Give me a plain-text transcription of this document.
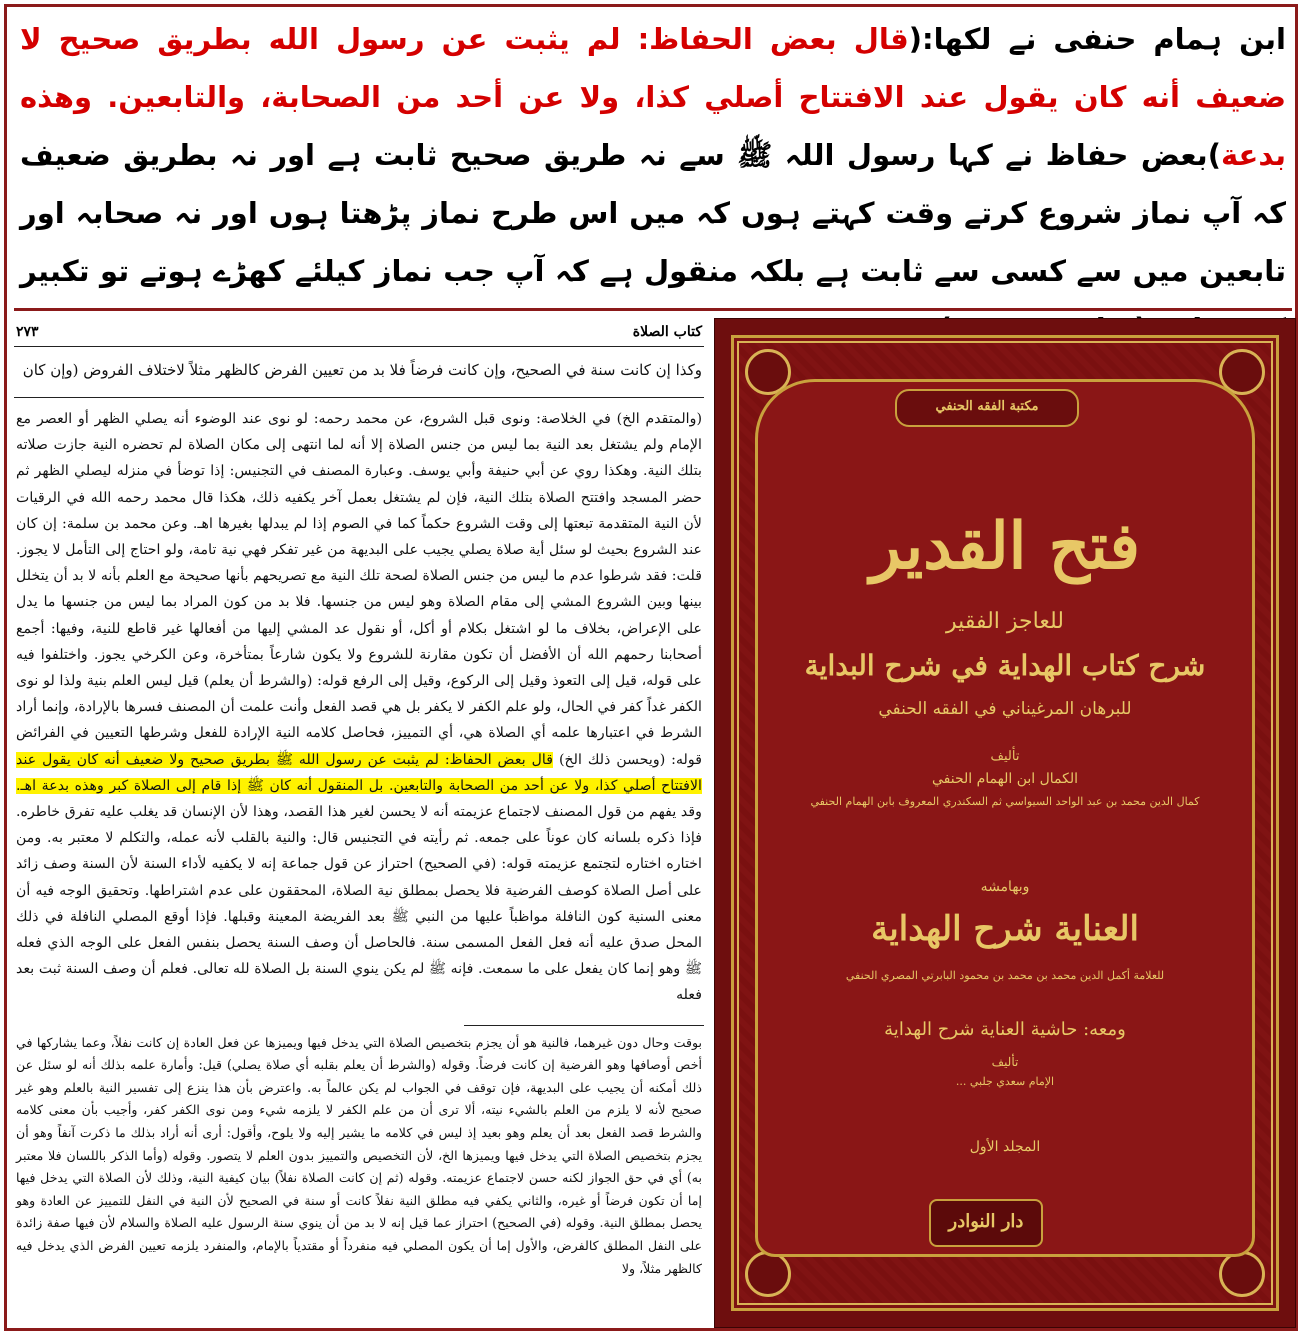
ابن ہمام حنفی نے لکھا:(قال بعض الحفاظ: لم يثبت عن رسول الله بطريق صحيح لا ضعيف أنه كان يقول عند الافتتاح أصلي كذا، ولا عن أحد من الصحابة، والتابعين. وهذه بدعة)بعض حفاظ نے کہا رسول اللہ ﷺ سے نہ طریق صحیح ثابت ہے اور نہ بطریق ضعیف کہ آپ نماز شروع کرتے وقت کہتے ہوں کہ میں اس طرح نماز پڑھتا ہوں اور نہ صحابہ اور تابعین میں سے کسی سے ثابت ہے بلکہ منقول ہے کہ آپ جب نماز کیلئے کھڑے ہوتے تو تکبیر

كتاب الصلاة
٢٧٣

وكذا إن كانت سنة في الصحيح، وإن كانت فرضاً فلا بد من تعيين الفرض كالظهر مثلاً لاختلاف الفروض (وإن كان

(والمتقدم الخ) في الخلاصة: ونوى قبل الشروع، عن محمد رحمه: لو نوى عند الوضوء أنه يصلي الظهر أو العصر مع الإمام ولم يشتغل بعد النية بما ليس من جنس الصلاة إلا أنه لما انتهى إلى مكان الصلاة لم تحضره النية جازت صلاته بتلك النية. وهكذا روي عن أبي حنيفة وأبي يوسف. وعبارة المصنف في التجنيس: إذا توضأ في منزله ليصلي الظهر ثم حضر المسجد وافتتح الصلاة بتلك النية، فإن لم يشتغل بعمل آخر يكفيه ذلك، هكذا قال محمد رحمه الله في الرقيات لأن النية المتقدمة تبعتها إلى وقت الشروع حكماً كما في الصوم إذا لم يبدلها بغيرها اهـ. وعن محمد بن سلمة: إن كان عند الشروع بحيث لو سئل أية صلاة يصلي يجيب على البديهة من غير تفكر فهي نية تامة، ولو احتاج إلى التأمل لا يجوز. قلت: فقد شرطوا عدم ما ليس من جنس الصلاة لصحة تلك النية مع تصريحهم بأنها صحيحة مع العلم بأنه لا بد أن يتخلل بينها وبين الشروع المشي إلى مقام الصلاة وهو ليس من جنسها. فلا بد من كون المراد بما ليس من جنسها ما يدل على الإعراض، بخلاف ما لو اشتغل بكلام أو أكل، أو نقول عد المشي إليها من أفعالها غير قاطع للنية، وفيها: أجمع أصحابنا رحمهم الله أن الأفضل أن تكون مقارنة للشروع ولا يكون شارعاً بمتأخرة، وعن الكرخي يجوز. واختلفوا فيه على قوله، قيل إلى التعوذ وقيل إلى الركوع، وقيل إلى الرفع قوله: (والشرط أن يعلم) قيل ليس العلم بنية ولذا لو نوى الكفر غداً كفر في الحال، ولو علم الكفر لا يكفر بل هي قصد الفعل وأنت علمت أن المصنف فسرها بالإرادة، وإنما أراد الشرط في اعتبارها علمه أي الصلاة هي، أي التمييز، فحاصل كلامه النية الإرادة للفعل وشرطها التعيين في الفرائض قوله: (ويحسن ذلك الخ) قال بعض الحفاظ: لم يثبت عن رسول الله ﷺ بطريق صحيح ولا ضعيف أنه كان يقول عند الافتتاح أصلي كذا، ولا عن أحد من الصحابة والتابعين. بل المنقول أنه كان ﷺ إذا قام إلى الصلاة كبر وهذه بدعة اهـ. وقد يفهم من قول المصنف لاجتماع عزيمته أنه لا يحسن لغير هذا القصد، وهذا لأن الإنسان قد يغلب عليه تفرق خاطره. فإذا ذكره بلسانه كان عوناً على جمعه. ثم رأيته في التجنيس قال: والنية بالقلب لأنه عمله، والتكلم لا معتبر به. ومن اختاره اختاره لتجتمع عزيمته قوله: (في الصحيح) احتراز عن قول جماعة إنه لا يكفيه لأداء السنة لأن السنة وصف زائد على أصل الصلاة كوصف الفرضية فلا يحصل بمطلق نية الصلاة، المحققون على عدم اشتراطها. وتحقيق الوجه فيه أن معنى السنية كون النافلة مواظباً عليها من النبي ﷺ بعد الفريضة المعينة وقبلها. فإذا أوقع المصلي النافلة في ذلك المحل صدق عليه أنه فعل الفعل المسمى سنة. فالحاصل أن وصف السنة يحصل بنفس الفعل على الوجه الذي فعله ﷺ وهو إنما كان يفعل على ما سمعت. فإنه ﷺ لم يكن ينوي السنة بل الصلاة لله تعالى. فعلم أن وصف السنة ثبت بعد فعله

بوقت وحال دون غيرهما، فالنية هو أن يجزم بتخصيص الصلاة التي يدخل فيها ويميزها عن فعل العادة إن كانت نفلاً، وعما يشاركها في أخص أوصافها وهو الفرضية إن كانت فرضاً. وقوله (والشرط أن يعلم بقلبه أي صلاة يصلي) قيل: وأمارة علمه بذلك أنه لو سئل عن ذلك أمكنه أن يجيب على البديهة، فإن توقف في الجواب لم يكن عالماً به. واعترض بأن هذا ينزع إلى تفسير النية بالعلم وهو غير صحيح لأنه لا يلزم من العلم بالشيء نيته، ألا ترى أن من علم الكفر لا يلزمه شيء ومن نوى الكفر كفر، وأجيب بأن معنى كلامه والشرط قصد الفعل بعد أن يعلم وهو بعيد إذ ليس في كلامه ما يشير إليه ولا يلوح، وأقول: أرى أنه أراد بذلك ما ذكرت آنفاً وهو أن يجزم بتخصيص الصلاة التي يدخل فيها ويميزها الخ، لأن التخصيص والتمييز بدون العلم لا يتصور. وقوله (وأما الذكر باللسان فلا معتبر به) أي في حق الجواز لكنه حسن لاجتماع عزيمته. وقوله (ثم إن كانت الصلاة نفلاً) بيان كيفية النية، وذلك لأن الصلاة التي يدخل فيها إما أن تكون فرضاً أو غيره، والثاني يكفي فيه مطلق النية نفلاً كانت أو سنة في الصحيح لأن النية في النفل للتمييز عن العادة وهو يحصل بمطلق النية. وقوله (في الصحيح) احتراز عما قيل إنه لا بد من أن ينوي سنة الرسول عليه الصلاة والسلام لأن فيها صفة زائدة على النفل المطلق كالفرض، والأول إما أن يكون المصلي فيه منفرداً أو مقتدياً بالإمام، والمنفرد يلزمه تعيين الفرض الذي يدخل فيه كالظهر مثلاً، ولا

مكتبة الفقه الحنفي
فتح القدير
للعاجز الفقير
شرح كتاب الهداية في شرح البداية
للبرهان المرغيناني في الفقه الحنفي
تأليف
الكمال ابن الهمام الحنفي
كمال الدين محمد بن عبد الواحد السيواسي ثم السكندري المعروف بابن الهمام الحنفي
وبهامشه
العناية شرح الهداية
للعلامة أكمل الدين محمد بن محمد بن محمود البابرتي المصري الحنفي
ومعه: حاشية العناية شرح الهداية
تأليف
الإمام سعدي جلبي ...
المجلد الأول
دار النوادر
